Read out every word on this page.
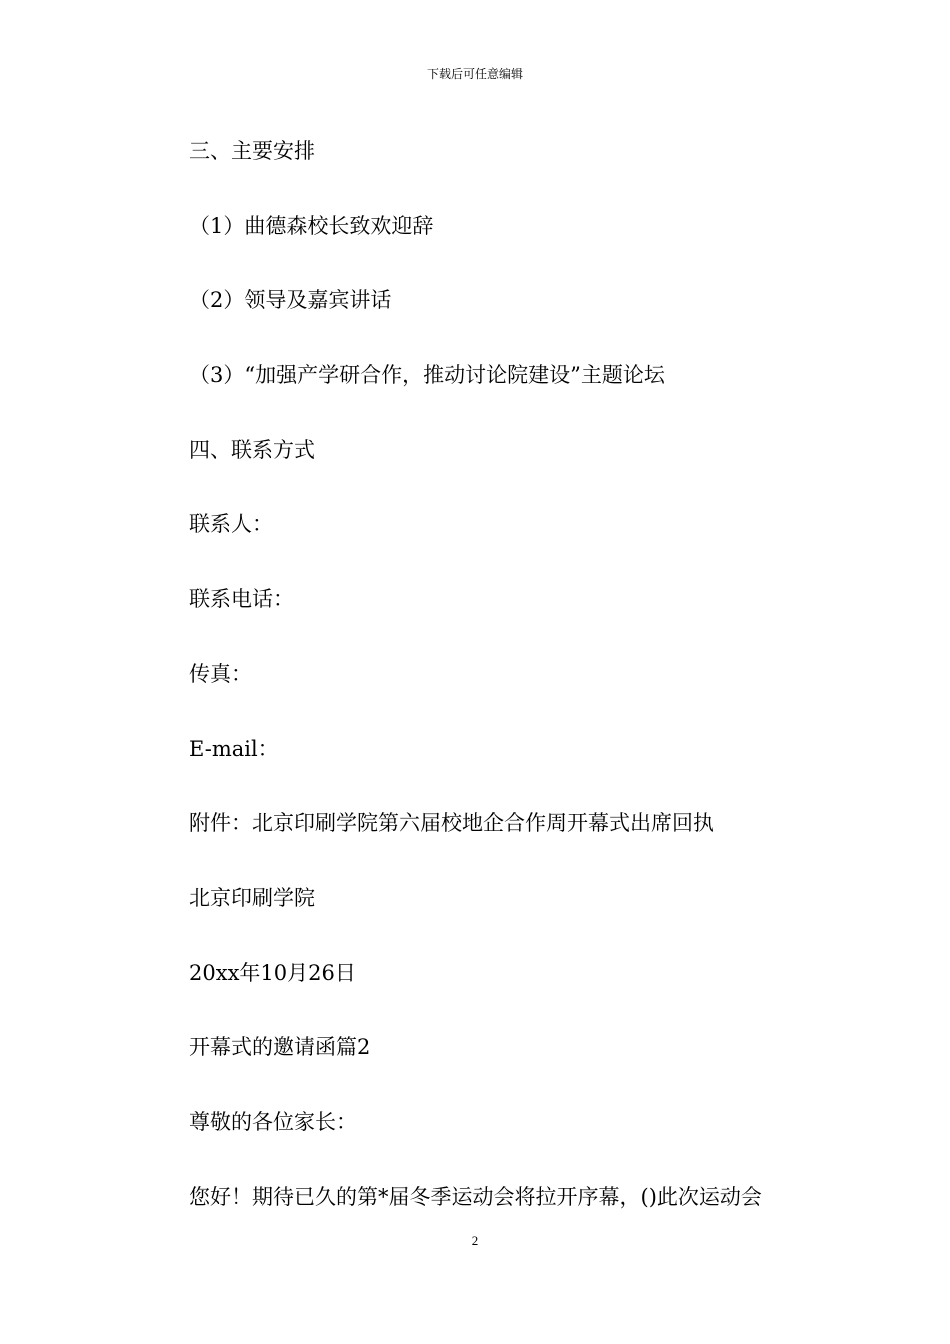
下载后可任意编辑
三、主要安排
（1）曲德森校长致欢迎辞
（2）领导及嘉宾讲话
（3）“加强产学研合作，推动讨论院建设”主题论坛
四、联系方式
联系人：
联系电话：
传真：
E-mail：
附件：北京印刷学院第六届校地企合作周开幕式出席回执
北京印刷学院
20xx年10月26日
开幕式的邀请函篇2
尊敬的各位家长：
您好！期待已久的第*届冬季运动会将拉开序幕，()此次运动会
2
